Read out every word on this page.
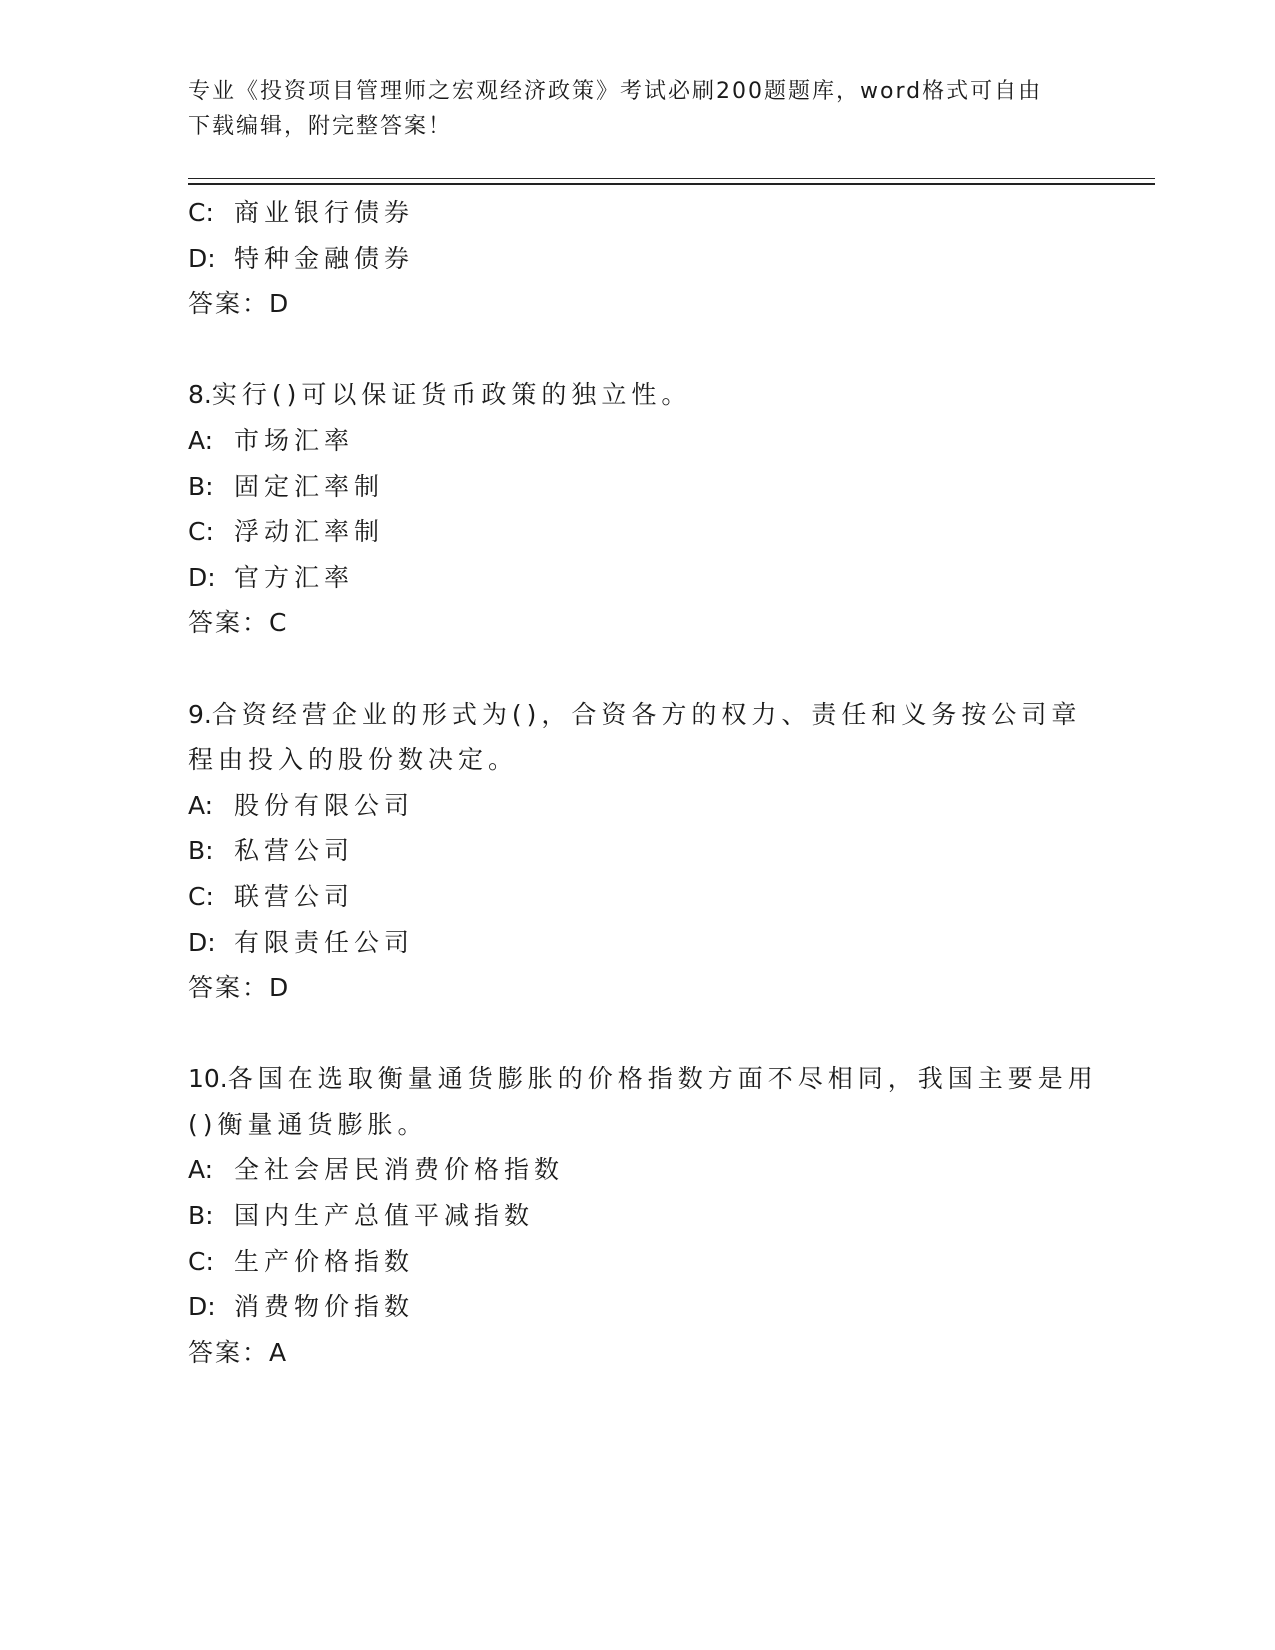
专业《投资项目管理师之宏观经济政策》考试必刷200题题库，word格式可自由
下载编辑，附完整答案！
C: 商业银行债券
D: 特种金融债券
答案：D
8.实行()可以保证货币政策的独立性。
A: 市场汇率
B: 固定汇率制
C: 浮动汇率制
D: 官方汇率
答案：C
9.合资经营企业的形式为()，合资各方的权力、责任和义务按公司章
程由投入的股份数决定。
A: 股份有限公司
B: 私营公司
C: 联营公司
D: 有限责任公司
答案：D
10.各国在选取衡量通货膨胀的价格指数方面不尽相同，我国主要是用
()衡量通货膨胀。
A: 全社会居民消费价格指数
B: 国内生产总值平减指数
C: 生产价格指数
D: 消费物价指数
答案：A
